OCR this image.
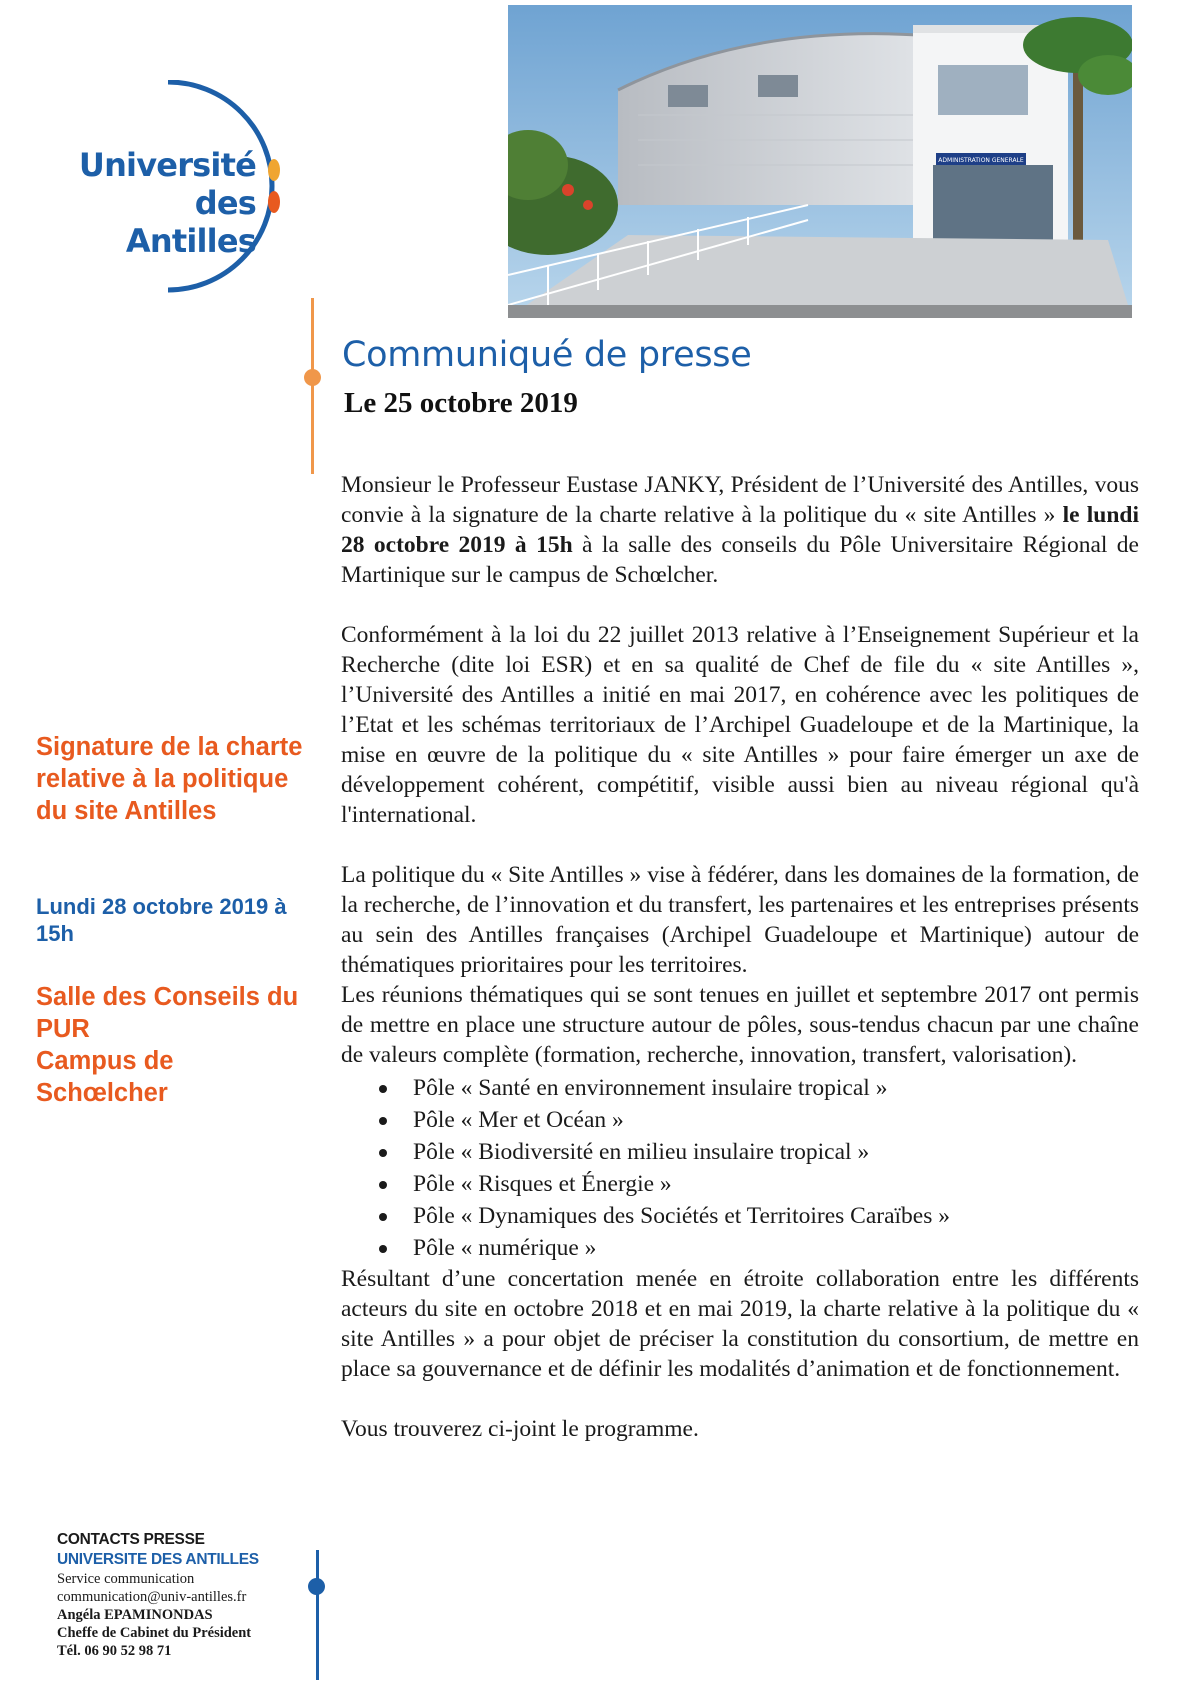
Université
des Antilles
ADMINISTRATION GENERALE
Communiqué de presse
Le 25 octobre 2019

Monsieur le Professeur Eustase JANKY, Président de l’Université des Antilles, vous convie à la signature de la charte relative à la politique du « site Antilles » le lundi 28 octobre 2019 à 15h à la salle des conseils du Pôle Universitaire Régional de Martinique sur le campus de Schœlcher.

Conformément à la loi du 22 juillet 2013 relative à l’Enseignement Supérieur et la Recherche (dite loi ESR) et en sa qualité de Chef de file du « site Antilles », l’Université des Antilles a initié en mai 2017, en cohérence avec les politiques de l’Etat et les schémas territoriaux de l’Archipel Guadeloupe et de la Martinique, la mise en œuvre de la politique du « site Antilles » pour faire émerger un axe de développement cohérent, compétitif, visible aussi bien au niveau régional qu'à l'international.

La politique du « Site Antilles » vise à fédérer, dans les domaines de la formation, de la recherche, de l’innovation et du transfert, les partenaires et les entreprises présents au sein des Antilles françaises (Archipel Guadeloupe et Martinique) autour de thématiques prioritaires pour les territoires.

Les réunions thématiques qui se sont tenues en juillet et septembre 2017 ont permis de mettre en place une structure autour de pôles, sous-tendus chacun par une chaîne de valeurs complète (formation, recherche, innovation, transfert, valorisation).

Pôle « Santé en environnement insulaire tropical »
Pôle « Mer et Océan »
Pôle « Biodiversité en milieu insulaire tropical »
Pôle « Risques et Énergie »
Pôle « Dynamiques des Sociétés et Territoires Caraïbes »
Pôle « numérique »

Résultant d’une concertation menée en étroite collaboration entre les différents acteurs du site en octobre 2018 et en mai 2019, la charte relative à la politique du « site Antilles » a pour objet de préciser la constitution du consortium, de mettre en place sa gouvernance et de définir les modalités d’animation et de fonctionnement.

Vous trouverez ci-joint le programme.

Signature de la charte relative à la politique du site Antilles
Lundi 28 octobre 2019 à 15h
Salle des Conseils du PUR
Campus de Schœlcher
CONTACTS PRESSE
UNIVERSITE DES ANTILLES
Service communication
communication@univ-antilles.fr
Angéla EPAMINONDAS
Cheffe de Cabinet du Président
Tél. 06 90 52 98 71
